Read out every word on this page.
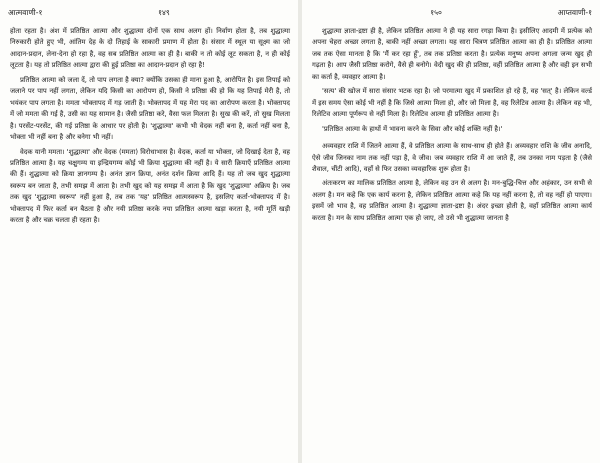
आत्मवाणी-१	१४९

होता रहता है। अंश में प्रतिष्ठित आत्मा और शुद्धात्मा दोनों एक साथ अलग हों। निर्वाण होता है, तब शुद्धात्मा निरुकारी होते हुए भी, आंतिम देह के दो तिहाई के साकारी प्रमाण में होता है। संसार में स्थूल या सूक्ष्म का जो आदान-प्रदान, लेना-देना हो रहा है, वह सब प्रतिष्ठित आत्मा का ही है। बाकी न तो कोई लूट सकता है, न ही कोई लूटता है। यह तो प्रतिष्ठित आत्मा द्वारा की हुई प्रतिष्ठा का आदान-प्रदान हो रहा है!

प्रतिष्ठित आत्मा को जला दें, तो पाप लगता है क्या? क्योंकि उसका ही माना हुआ है, आरोपित है। इस तिपाई को जलाने पर पाप नहीं लगता, लेकिन यदि किसी का आरोपण हो, किसी ने प्रतिष्ठा की हो कि यह तिपाई मेरी है, तो भयंकर पाप लगता है। ममता भोक्तापद में गड़ जाती है। भोक्तापद में यह मेरा पद का आरोपण करता है। भोक्तापद में जो ममता की गई है, उसी का यह सामान है। जैसी प्रतिष्ठा करे, वैसा फल मिलता है। सुख की करें, तो सुख मिलता है। परसेंट-परसेंट, की गई प्रतिष्ठा के आधार पर होती है। 'शुद्धात्मा' कभी भी वेदक नहीं बना है, कर्ता नहीं बना है, भोक्ता भी नहीं बना है और बनेगा भी नहीं।

वेदक यानी ममता। 'शुद्धात्मा' और वेदक (ममता) विरोधाभास है। वेदक, कर्ता या भोक्ता, जो दिखाई देता है, वह प्रतिष्ठित आत्मा है। यह चक्षुगम्य या इन्द्रियगम्य कोई भी क्रिया शुद्धात्मा की नहीं है। ये सारी क्रियाएँ प्रतिष्ठित आत्मा की हैं। शुद्धात्मा को क्रिया ज्ञानगम्य है। अनंत ज्ञान क्रिया, अनंत दर्शन क्रिया आदि हैं। यह तो जब खुद शुद्धात्मा स्वरूप बन जाता है, तभी समझ में आता है। तभी खुद को यह समझ में आता है कि खुद 'शुद्धात्मा' अक्रिय है। जब तक खुद 'शुद्धात्मा स्वरूप' नहीं हुआ है, तब तक 'यह' प्रतिष्ठित आत्मस्वरूप है, इसलिए कर्ता-भोक्तापद में है। भोक्तापद में फिर कर्ता बन बैठता है और नयी प्रतिष्ठा करके नया प्रतिष्ठित आत्मा खड़ा करता है, नयी मूर्ति खड़ी करता है और चक्र चलता ही रहता है।

१५०	आप्तवाणी-१

शुद्धात्मा ज्ञाता-द्रष्टा ही है, लेकिन प्रतिष्ठित आत्मा ने ही यह सारा रगड़ा किया है। इसीलिए आदमी में प्रत्येक को अपना चेहरा अच्छा लगता है, बाकी नहीं अच्छा लगता। यह सारा चित्रण प्रतिष्ठित आत्मा का ही है। प्रतिष्ठित आत्मा जब तक ऐसा मानता है कि 'मैं कर रहा हूँ', तब तक प्रतिष्ठा करता है। प्रत्येक मनुष्य अपना अगला जन्म खुद ही गढ़ता है। आप जैसी प्रतिष्ठा करोगे, वैसे ही बनोगे। वेदी खुद की ही प्रतिष्ठा, वहीं प्रतिष्ठित आत्मा है और वही इन सभी का कर्ता है, व्यवहार आत्मा है।

'सत्य' की खोज में सारा संसार भटक रहा है। जो परमात्मा खुद में प्रकाशित हो रहे हैं, वह 'सत्' है। लेकिन वर्ल्ड में इस समय ऐसा कोई भी नहीं है कि जिसे आत्मा मिला हो, और जो मिला है, वह रिलेटिव आत्मा है। लेकिन वह भी, रिलेटिव आत्मा पूर्णरूप से नहीं मिला है। रिलेटिव आत्मा ही प्रतिष्ठित आत्मा है।

'प्रतिष्ठित आत्मा के हाथों में भावना करने के सिवा और कोई शक्ति नहीं है।'

अव्यवहार राशि में जितने आत्मा हैं, वे प्रतिष्ठित आत्मा के साथ-साथ ही होते हैं। अव्यवहार राशि के जीव अनादि, ऐसे जीव जिनका नाम तक नहीं पड़ा है, वे जीव। जब व्यवहार राशि में आ जाते हैं, तब उनका नाम पड़ता है (जैसे शैवाल, चींटी आदि), वहाँ से फिर उसका व्यवहारिक शुरू होता है।

अंतःकरण का मालिक प्रतिष्ठित आत्मा है, लेकिन वह उन से अलग है। मन-बुद्धि-चित्त और अहंकार, उन सभी से अलग है। मन कहे कि एक कार्य करना है, लेकिन प्रतिष्ठित आत्मा कहे कि यह नहीं करना है, तो वह नहीं हो पाएगा। इसमें जो भाव है, वह प्रतिष्ठित आत्मा है। शुद्धात्मा ज्ञाता-द्रष्टा है। अंदर इच्छा होती है, वहाँ प्रतिष्ठित आत्मा कार्य करता है। मन के साथ प्रतिष्ठित आत्मा एक हो जाए, तो उसे भी शुद्धात्मा जानता है
